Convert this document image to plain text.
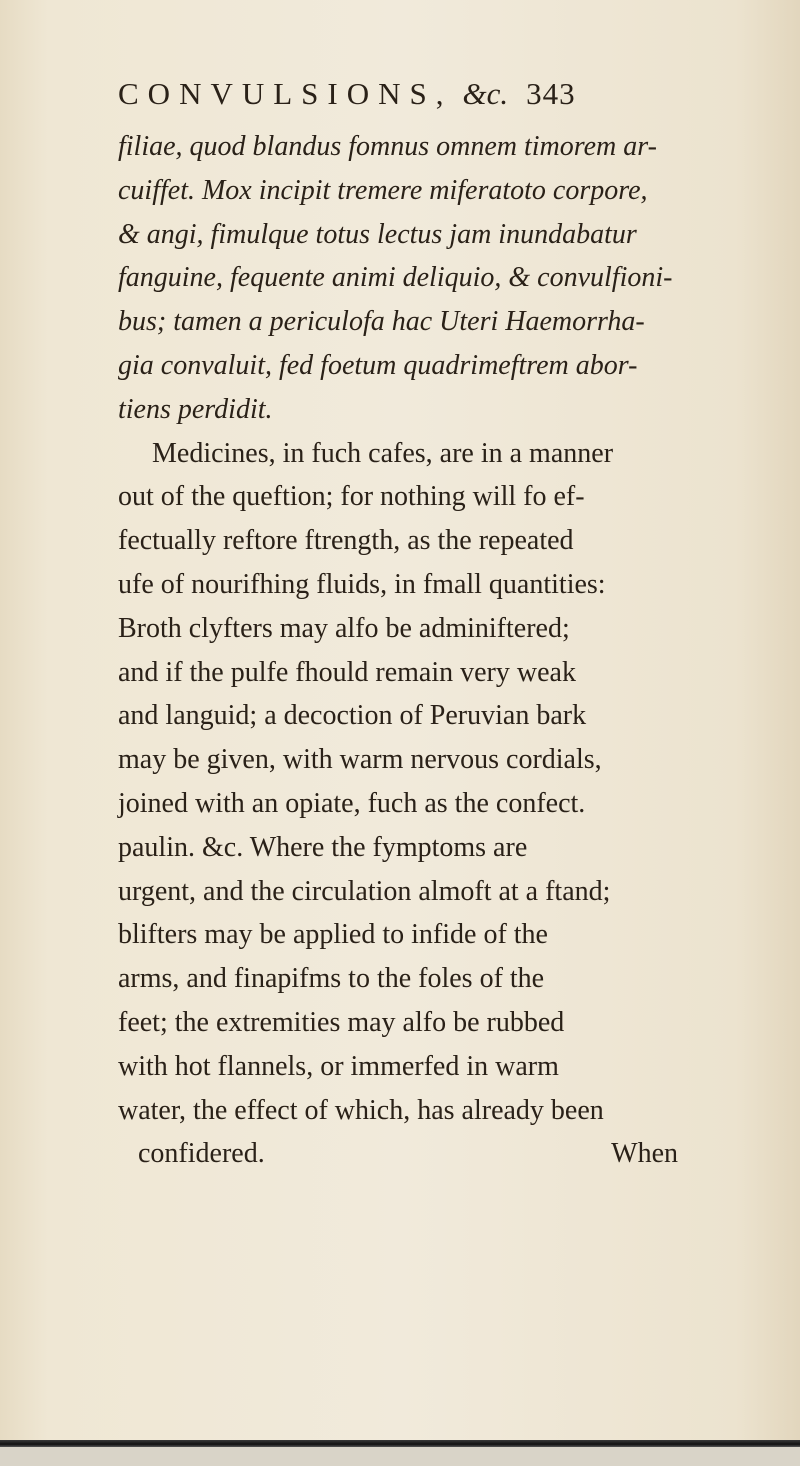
CONVULSIONS, &c. 343
filiae, quod blandus fomnus omnem timorem ar-
cuiffet. Mox incipit tremere miferatoto corpore,
& angi, fimulque totus lectus jam inundabatur
fanguine, fequente animi deliquio, & convulfioni-
bus; tamen a periculofa hac Uteri Haemorrha-
gia convaluit, fed foetum quadrimeftrem abor-
tiens perdidit.
Medicines, in fuch cafes, are in a manner
out of the queftion; for nothing will fo ef-
fectually reftore ftrength, as the repeated
ufe of nourifhing fluids, in fmall quantities:
Broth clyfters may alfo be adminiftered;
and if the pulfe fhould remain very weak
and languid; a decoction of Peruvian bark
may be given, with warm nervous cordials,
joined with an opiate, fuch as the confect.
paulin. &c. Where the fymptoms are
urgent, and the circulation almoft at a ftand;
blifters may be applied to infide of the
arms, and finapifms to the foles of the
feet; the extremities may alfo be rubbed
with hot flannels, or immerfed in warm
water, the effect of which, has already been
confidered.	When
